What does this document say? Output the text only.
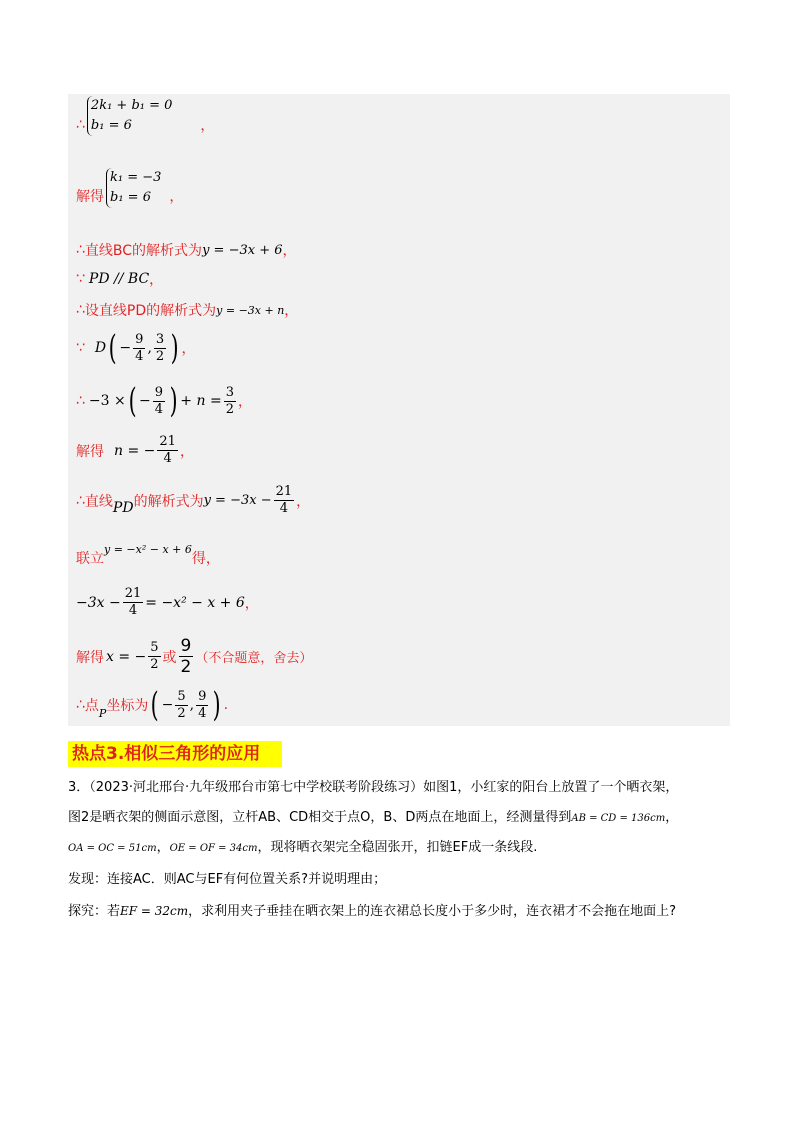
∴
2k₁ + b₁ = 0
b₁ = 6	，
解得
k₁ = −3
b₁ = 6	，
∴ 直线BC的解析式为 y = −3x + 6 ，
∵ PD // BC ，
∴ 设直线PD的解析式为 y = −3x + n ，
∵ D ( − $\frac{9}{4}$ , $\frac{3}{2}$ ) ，
∴ −3 × ( − $\frac{9}{4}$ ) + $n = \frac{3}{2}$ ，
解得 n = − $\frac{21}{4}$ ，
∴ 直线 PD 的解析式为 $y = -3x - \frac{21}{4}$ ，
联立
y = −x² − x + 6
得 ，
$-3x - \frac{21}{4} = -x^2 - x + 6$ ，
解得 x = − $\frac{5}{2}$ 或 $\frac{9}{2}$ （不合题意，舍去）
∴ 点 P 坐标为 ( − $\frac{5}{2}$ , $\frac{9}{4}$ ) .
热点3.相似三角形的应用
3．（2023·河北邢台·九年级邢台市第七中学校联考阶段练习）如图1，小红家的阳台上放置了一个晒衣架，
图2是晒衣架的侧面示意图，立杆AB、CD相交于点O，B、D两点在地面上，经测量得到AB = CD = 136cm，
OA = OC = 51cm，OE = OF = 34cm，现将晒衣架完全稳固张开，扣链EF成一条线段.
发现：连接AC．则AC与EF有何位置关系?并说明理由；
探究：若EF = 32cm，求利用夹子垂挂在晒衣架上的连衣裙总长度小于多少时，连衣裙才不会拖在地面上?
